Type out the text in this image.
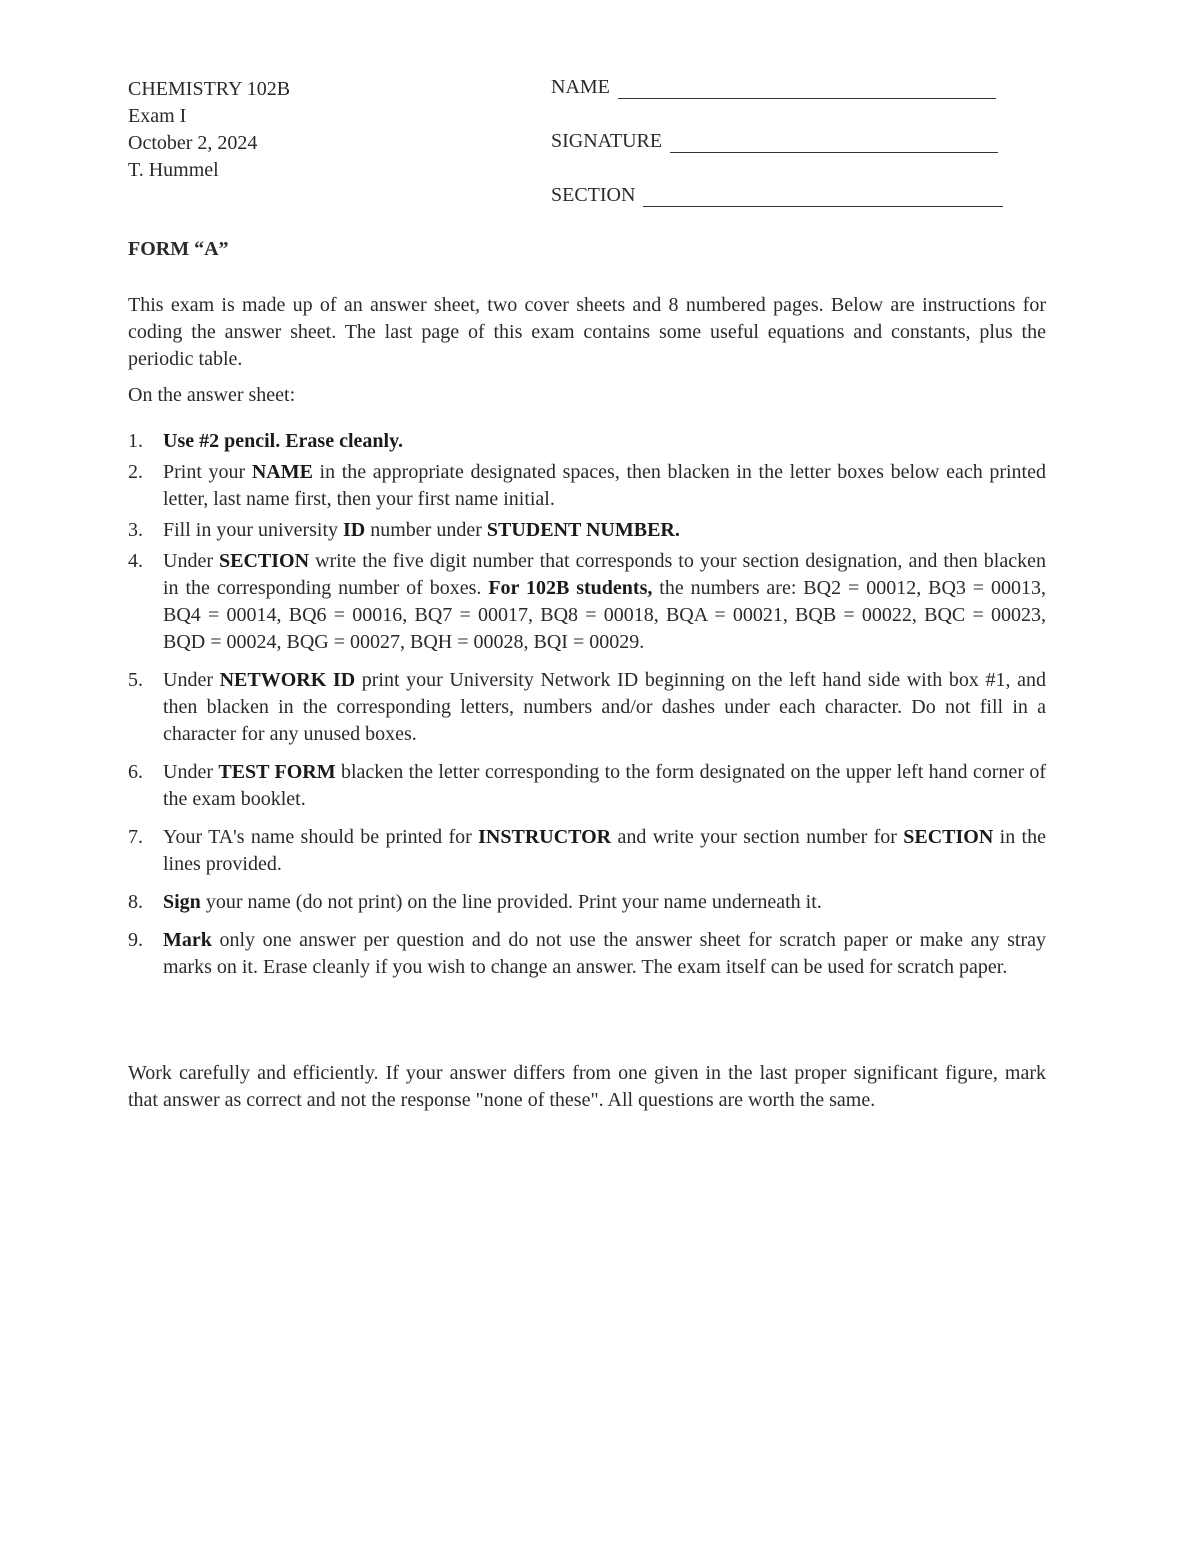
CHEMISTRY 102B
Exam I
October 2, 2024
T. Hummel
NAME
SIGNATURE
SECTION
FORM “A”

This exam is made up of an answer sheet, two cover sheets and 8 numbered pages. Below are instructions for coding the answer sheet. The last page of this exam contains some useful equations and constants, plus the periodic table.

On the answer sheet:
1.	Use #2 pencil. Erase cleanly.
2.	Print your NAME in the appropriate designated spaces, then blacken in the letter boxes below each printed letter, last name first, then your first name initial.
3.	Fill in your university ID number under STUDENT NUMBER.
4.	Under SECTION write the five digit number that corresponds to your section designation, and then blacken in the corresponding number of boxes. For 102B students, the numbers are: BQ2 = 00012, BQ3 = 00013, BQ4 = 00014, BQ6 = 00016, BQ7 = 00017, BQ8 = 00018, BQA = 00021, BQB = 00022, BQC = 00023, BQD = 00024, BQG = 00027, BQH = 00028, BQI = 00029.
5.	Under NETWORK ID print your University Network ID beginning on the left hand side with box #1, and then blacken in the corresponding letters, numbers and/or dashes under each character. Do not fill in a character for any unused boxes.
6.	Under TEST FORM blacken the letter corresponding to the form designated on the upper left hand corner of the exam booklet.
7.	Your TA's name should be printed for INSTRUCTOR and write your section number for SECTION in the lines provided.
8.	Sign your name (do not print) on the line provided. Print your name underneath it.
9.	Mark only one answer per question and do not use the answer sheet for scratch paper or make any stray marks on it. Erase cleanly if you wish to change an answer. The exam itself can be used for scratch paper.

Work carefully and efficiently. If your answer differs from one given in the last proper significant figure, mark that answer as correct and not the response "none of these". All questions are worth the same.
